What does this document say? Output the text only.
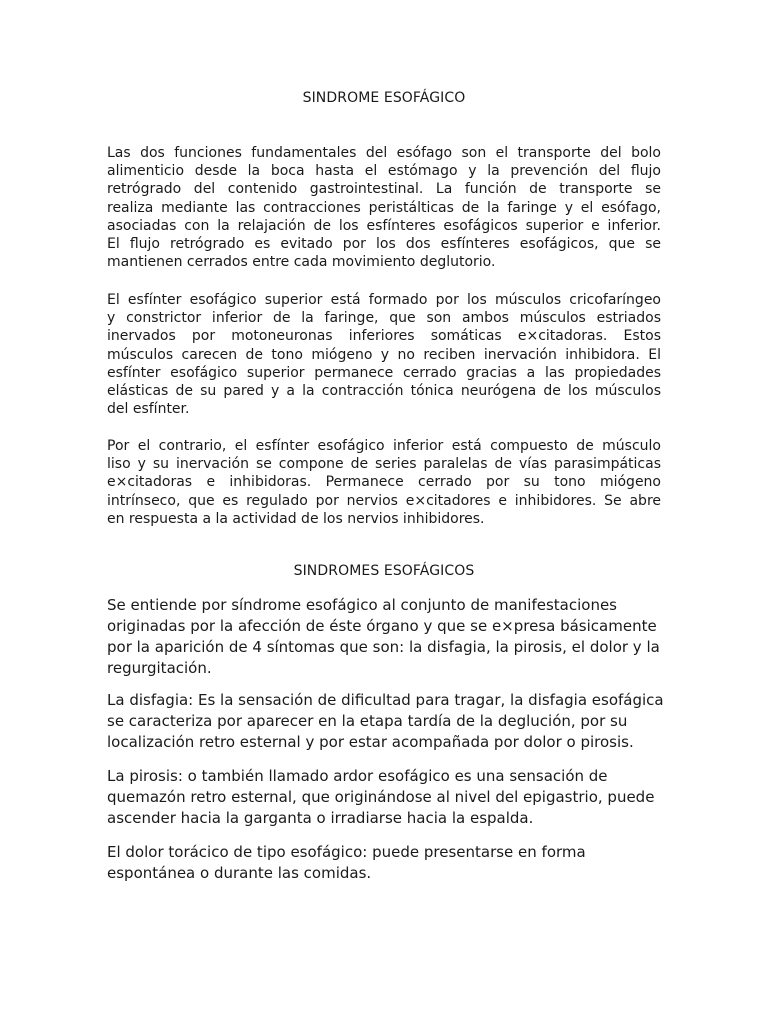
SINDROME ESOFÁGICO

Las dos funciones fundamentales del esófago son el transporte del bolo
alimenticio desde la boca hasta el estómago y la prevención del flujo
retrógrado del contenido gastrointestinal. La función de transporte se
realiza mediante las contracciones peristálticas de la faringe y el esófago,
asociadas con la relajación de los esfínteres esofágicos superior e inferior.
El flujo retrógrado es evitado por los dos esfínteres esofágicos, que se
mantienen cerrados entre cada movimiento deglutorio.

El esfínter esofágico superior está formado por los músculos cricofaríngeo
y constrictor inferior de la faringe, que son ambos músculos estriados
inervados por motoneuronas inferiores somáticas e×citadoras. Estos
músculos carecen de tono miógeno y no reciben inervación inhibidora. El
esfínter esofágico superior permanece cerrado gracias a las propiedades
elásticas de su pared y a la contracción tónica neurógena de los músculos
del esfínter.

Por el contrario, el esfínter esofágico inferior está compuesto de músculo
liso y su inervación se compone de series paralelas de vías parasimpáticas
e×citadoras e inhibidoras. Permanece cerrado por su tono miógeno
intrínseco, que es regulado por nervios e×citadores e inhibidores. Se abre
en respuesta a la actividad de los nervios inhibidores.

SINDROMES ESOFÁGICOS

Se entiende por síndrome esofágico al conjunto de manifestaciones
originadas por la afección de éste órgano y que se e×presa básicamente
por la aparición de 4 síntomas que son: la disfagia, la pirosis, el dolor y la
regurgitación.

La disfagia: Es la sensación de dificultad para tragar, la disfagia esofágica
se caracteriza por aparecer en la etapa tardía de la deglución, por su
localización retro esternal y por estar acompañada por dolor o pirosis.

La pirosis: o también llamado ardor esofágico es una sensación de
quemazón retro esternal, que originándose al nivel del epigastrio, puede
ascender hacia la garganta o irradiarse hacia la espalda.

El dolor torácico de tipo esofágico: puede presentarse en forma
espontánea o durante las comidas.
